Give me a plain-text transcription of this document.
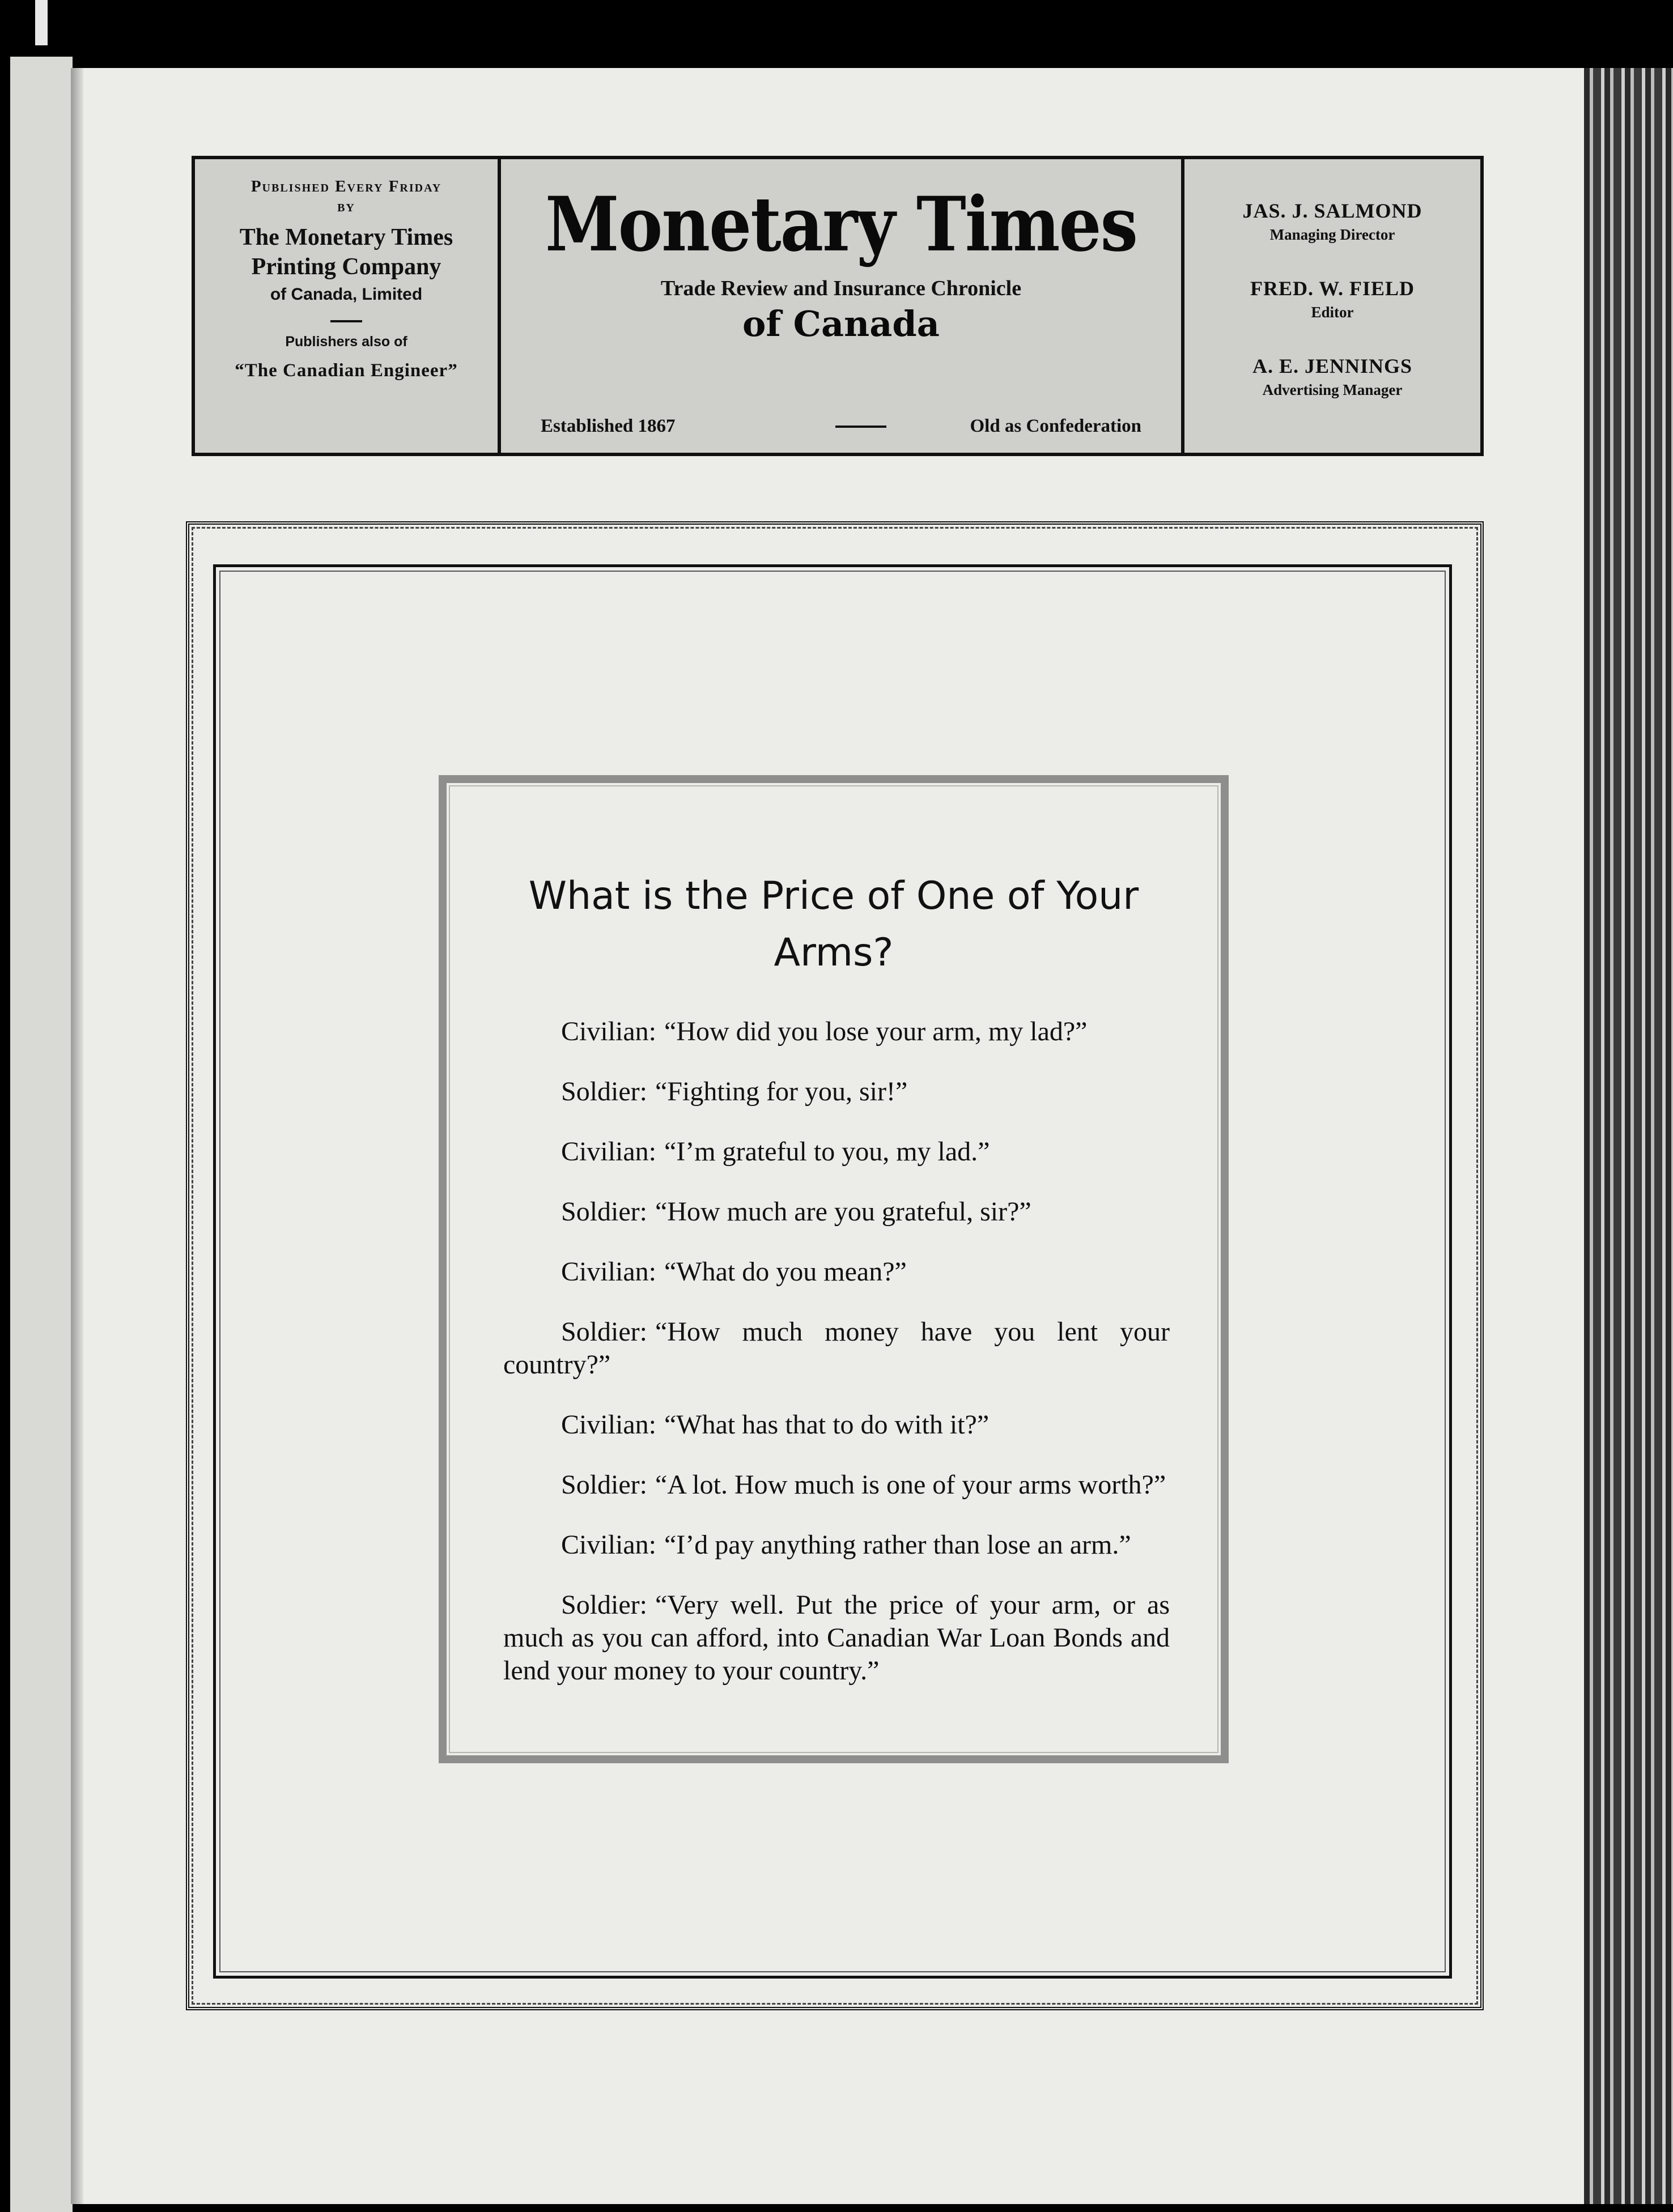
Published Every Friday
BY
The Monetary Times Printing Company
of Canada, Limited
Publishers also of
“The Canadian Engineer”
Monetary Times
Trade Review and Insurance Chronicle
of Canada
Established 1867	Old as Confederation
JAS. J. SALMOND
Managing Director
FRED. W. FIELD
Editor
A. E. JENNINGS
Advertising Manager
What is the Price of One of Your Arms?

Civilian: “How did you lose your arm, my lad?”

Soldier: “Fighting for you, sir!”

Civilian: “I’m grateful to you, my lad.”

Soldier: “How much are you grateful, sir?”

Civilian: “What do you mean?”

Soldier: “How much money have you lent your country?”

Civilian: “What has that to do with it?”

Soldier: “A lot. How much is one of your arms worth?”

Civilian: “I’d pay anything rather than lose an arm.”

Soldier: “Very well. Put the price of your arm, or as much as you can afford, into Canadian War Loan Bonds and lend your money to your country.”
